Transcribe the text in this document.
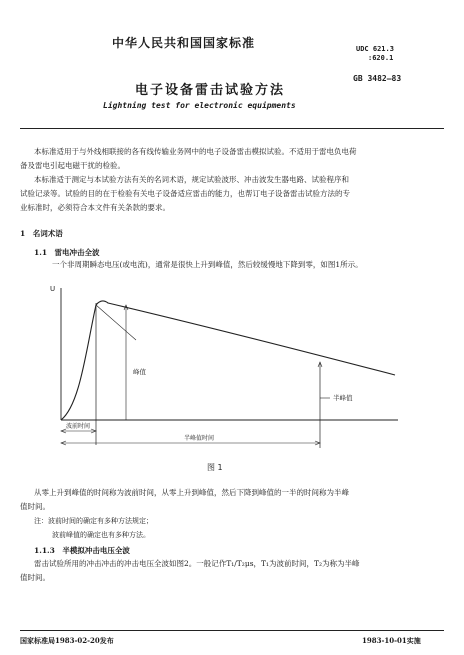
中华人民共和国国家标准	UDC 621.3
:620.1
GB 3482—83
电子设备雷击试验方法
Lightning test for electronic equipments
本标准适用于与外线相联接的各有线传输业务网中的电子设备雷击模拟试验。不适用于雷电负电荷
备及雷电引起电磁干扰的检验。
本标准适于测定与本试验方法有关的名词术语，规定试验波形、冲击波发生器电路、试验程序和
试验记录等。试验的目的在于检验有关电子设备适应雷击的能力，也帮订电子设备雷击试验方法的专
业标准时，必须符合本文件有关条款的要求。
1　名词术语
1.1　雷电冲击全波
一个非周期瞬态电压(或电流)，通常是很快上升到峰值，然后较缓慢地下降到零，如图1所示。
U
峰值
半峰值
波前时间
半峰值时间
图 1
从零上升到峰值的时间称为波前时间，从零上升到峰值，然后下降到峰值的一半的时间称为半峰
值时间。
注：波前时间的确定有多种方法规定；
波前峰值的确定也有多种方法。
1.1.3　半模拟冲击电压全波
雷击试验所用的冲击冲击的冲击电压全波如图2。一般记作T₁/T₂μs，T₁为波前时间，T₂为称为半峰
值时间。
国家标准局1983-02-20发布	1983-10-01实施
